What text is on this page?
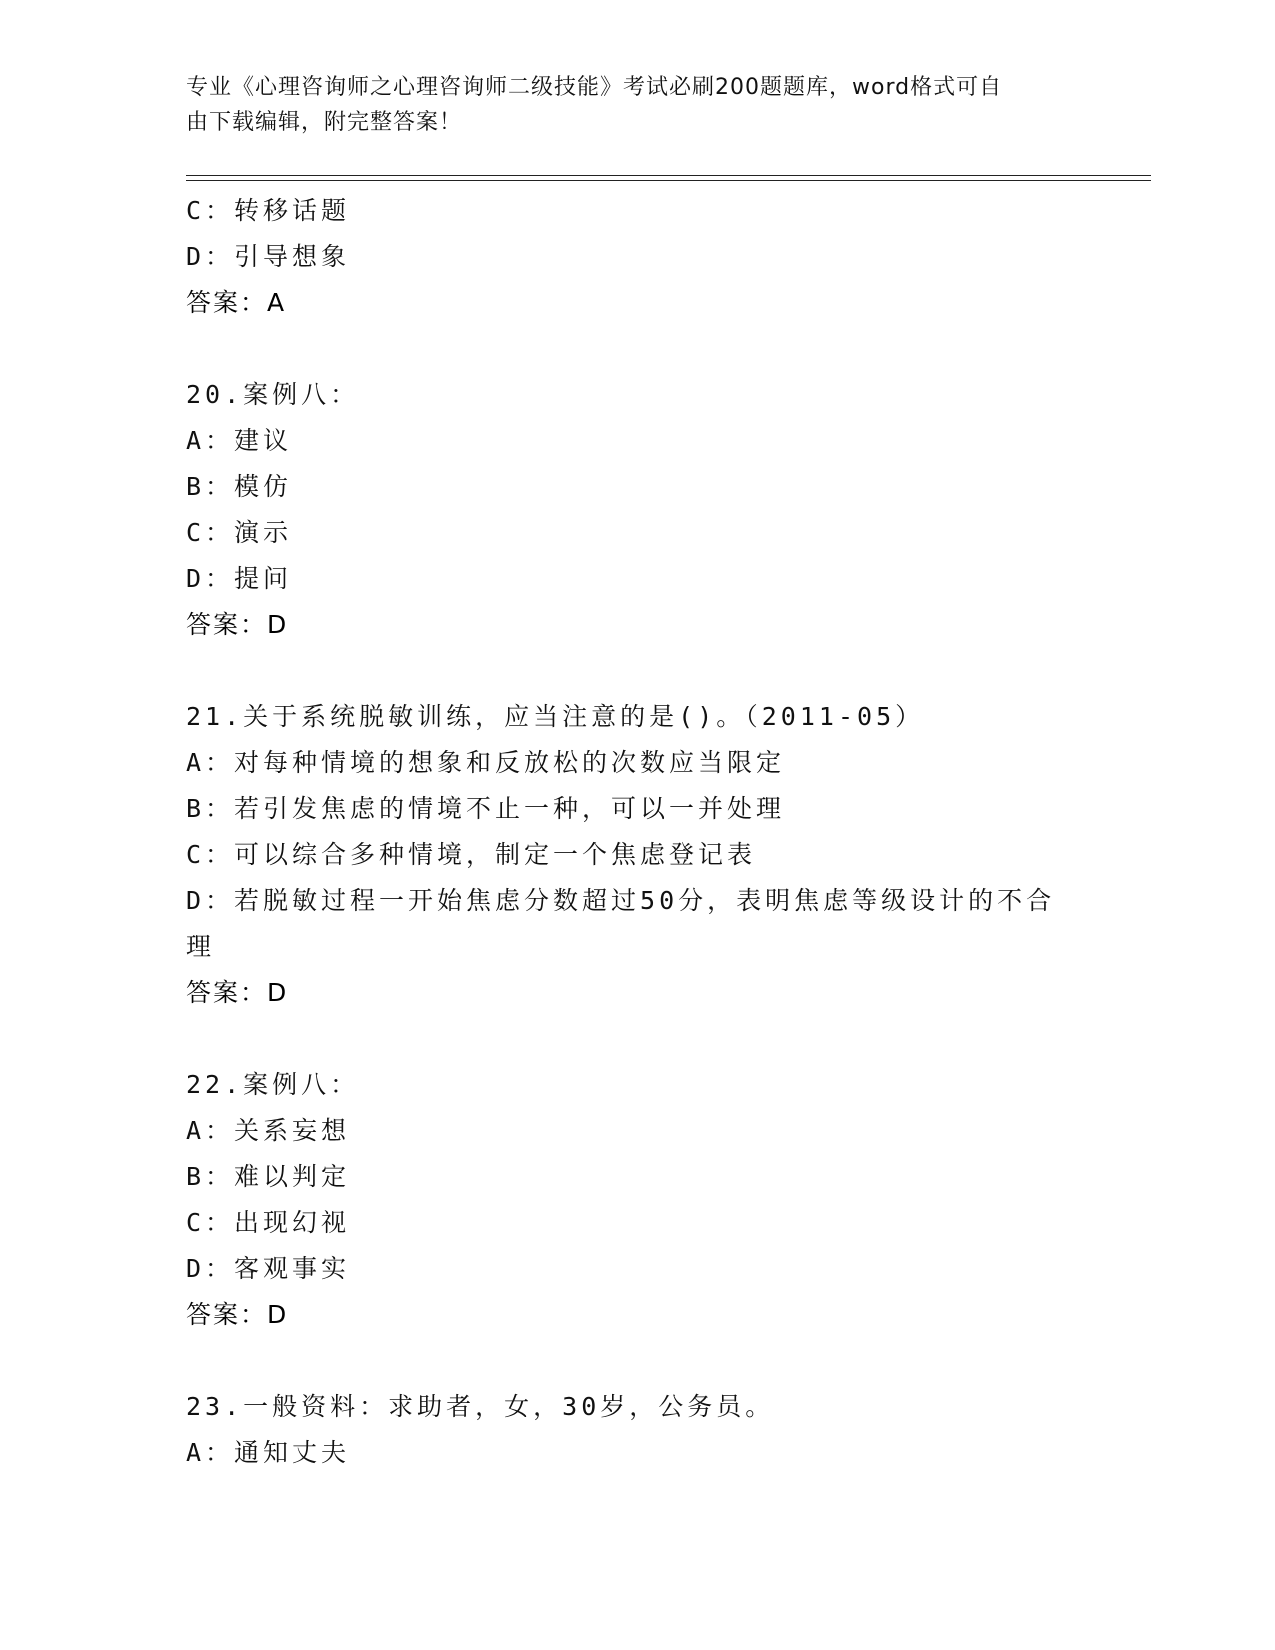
专业《心理咨询师之心理咨询师二级技能》考试必刷200题题库，word格式可自
由下载编辑，附完整答案！
C：转移话题
D：引导想象
答案：A
20.案例八：
A：建议
B：模仿
C：演示
D：提问
答案：D
21.关于系统脱敏训练，应当注意的是()。（2011-05）
A：对每种情境的想象和反放松的次数应当限定
B：若引发焦虑的情境不止一种，可以一并处理
C：可以综合多种情境，制定一个焦虑登记表
D：若脱敏过程一开始焦虑分数超过50分，表明焦虑等级设计的不合
理
答案：D
22.案例八：
A：关系妄想
B：难以判定
C：出现幻视
D：客观事实
答案：D
23.一般资料：求助者，女，30岁，公务员。
A：通知丈夫
